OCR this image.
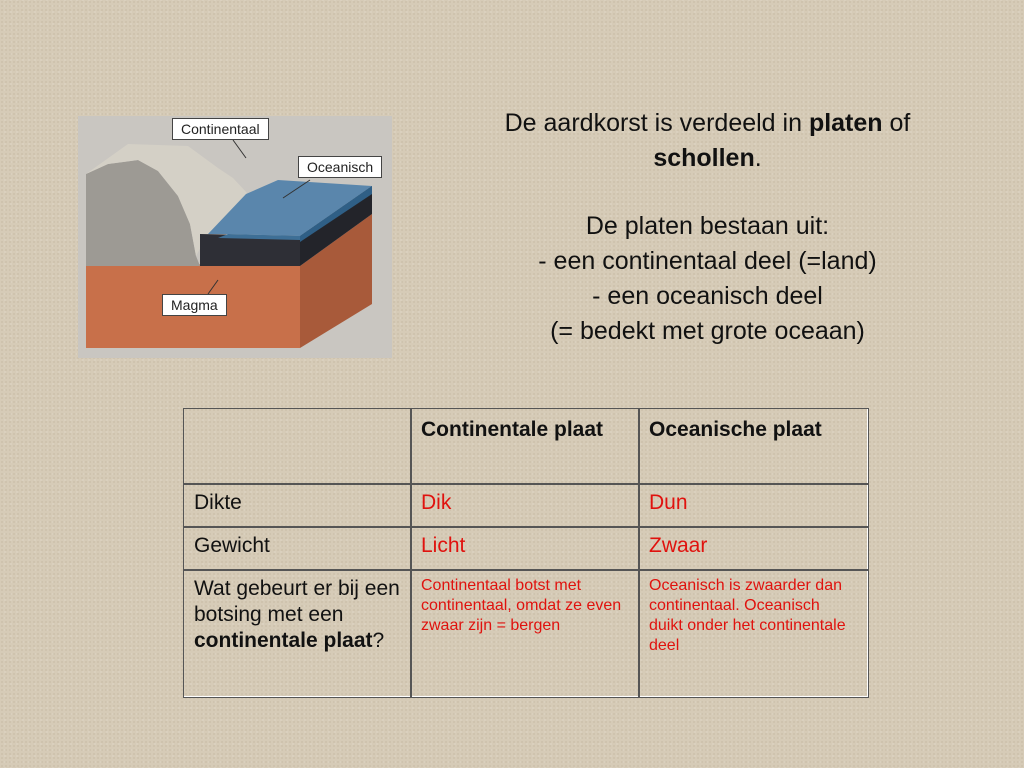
Continentaal
Oceanisch
Magma

De aardkorst is verdeeld in platen of

schollen.

De platen bestaan uit:

- een continentaal deel (=land)

- een oceanisch deel

(= bedekt met grote oceaan)

	Continentale plaat	Oceanische plaat
Dikte	Dik	Dun
Gewicht	Licht	Zwaar
Wat gebeurt er bij een botsing met een continentale plaat?	Continentaal botst met continentaal, omdat ze even zwaar zijn = bergen	Oceanisch is zwaarder dan continentaal. Oceanisch duikt onder het continentale deel
